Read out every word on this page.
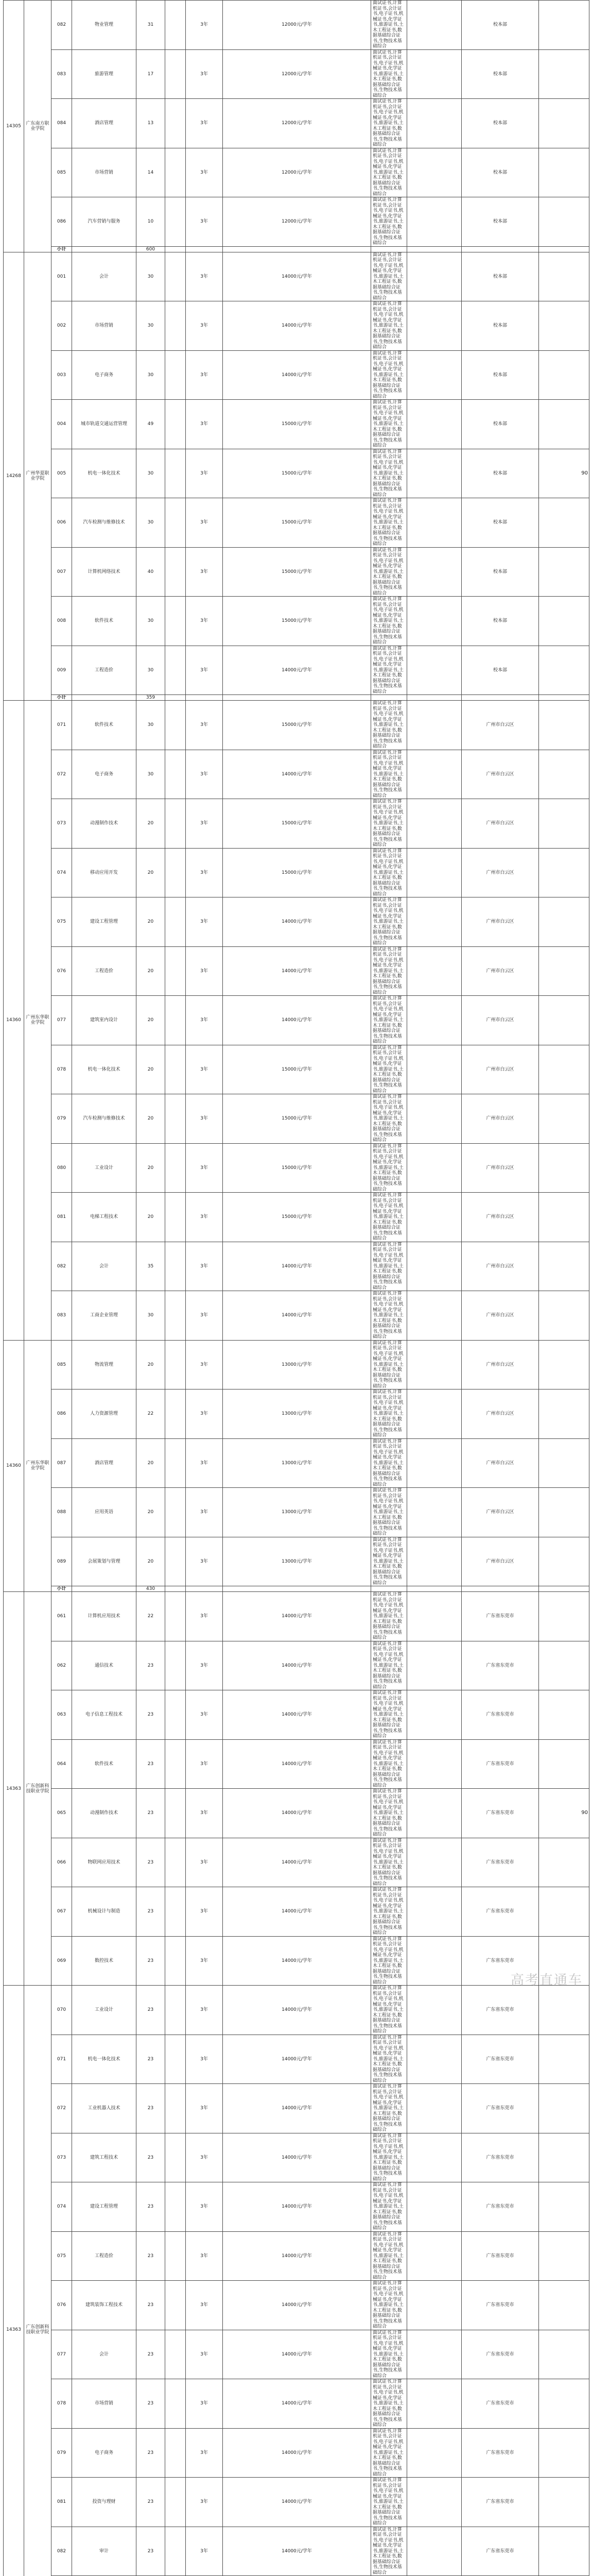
14305	广东南方职业学院	082	物业管理	31		3年	12000元/学年	面试证书,计算机证书,会计证书,电子证书,机械证书,化学证书,旅游证书,土木工程证书,数据基础综合证书,生物技术基础综合		校本部	
		083	旅游管理	17		3年	12000元/学年	面试证书,计算机证书,会计证书,电子证书,机械证书,化学证书,旅游证书,土木工程证书,数据基础综合证书,生物技术基础综合		校本部	
		084	酒店管理	13		3年	12000元/学年	面试证书,计算机证书,会计证书,电子证书,机械证书,化学证书,旅游证书,土木工程证书,数据基础综合证书,生物技术基础综合		校本部	
		085	市场营销	14		3年	12000元/学年	面试证书,计算机证书,会计证书,电子证书,机械证书,化学证书,旅游证书,土木工程证书,数据基础综合证书,生物技术基础综合		校本部	
		086	汽车营销与服务	10		3年	12000元/学年	面试证书,计算机证书,会计证书,电子证书,机械证书,化学证书,旅游证书,土木工程证书,数据基础综合证书,生物技术基础综合		校本部	
		小计		600							
14268	广州华夏职业学院	001	会计	30		3年	14000元/学年	面试证书,计算机证书,会计证书,电子证书,机械证书,化学证书,旅游证书,土木工程证书,数据基础综合证书,生物技术基础综合		校本部	
		002	市场营销	30		3年	14000元/学年	面试证书,计算机证书,会计证书,电子证书,机械证书,化学证书,旅游证书,土木工程证书,数据基础综合证书,生物技术基础综合		校本部	
		003	电子商务	30		3年	14000元/学年	面试证书,计算机证书,会计证书,电子证书,机械证书,化学证书,旅游证书,土木工程证书,数据基础综合证书,生物技术基础综合		校本部	
		004	城市轨道交通运营管理	49		3年	15000元/学年	面试证书,计算机证书,会计证书,电子证书,机械证书,化学证书,旅游证书,土木工程证书,数据基础综合证书,生物技术基础综合		校本部	
		005	机电一体化技术	30		3年	15000元/学年	面试证书,计算机证书,会计证书,电子证书,机械证书,化学证书,旅游证书,土木工程证书,数据基础综合证书,生物技术基础综合		校本部	90
		006	汽车检测与维修技术	30		3年	15000元/学年	面试证书,计算机证书,会计证书,电子证书,机械证书,化学证书,旅游证书,土木工程证书,数据基础综合证书,生物技术基础综合		校本部	
		007	计算机网络技术	40		3年	15000元/学年	面试证书,计算机证书,会计证书,电子证书,机械证书,化学证书,旅游证书,土木工程证书,数据基础综合证书,生物技术基础综合		校本部	
		008	软件技术	30		3年	15000元/学年	面试证书,计算机证书,会计证书,电子证书,机械证书,化学证书,旅游证书,土木工程证书,数据基础综合证书,生物技术基础综合		校本部	
		009	工程造价	30		3年	14000元/学年	面试证书,计算机证书,会计证书,电子证书,机械证书,化学证书,旅游证书,土木工程证书,数据基础综合证书,生物技术基础综合		校本部	
		小计		359							
14360	广州东华职业学院	071	软件技术	30		3年	15000元/学年	面试证书,计算机证书,会计证书,电子证书,机械证书,化学证书,旅游证书,土木工程证书,数据基础综合证书,生物技术基础综合		广州市白云区	
		072	电子商务	30		3年	14000元/学年	面试证书,计算机证书,会计证书,电子证书,机械证书,化学证书,旅游证书,土木工程证书,数据基础综合证书,生物技术基础综合		广州市白云区	
		073	动漫制作技术	20		3年	15000元/学年	面试证书,计算机证书,会计证书,电子证书,机械证书,化学证书,旅游证书,土木工程证书,数据基础综合证书,生物技术基础综合		广州市白云区	
		074	移动应用开发	20		3年	15000元/学年	面试证书,计算机证书,会计证书,电子证书,机械证书,化学证书,旅游证书,土木工程证书,数据基础综合证书,生物技术基础综合		广州市白云区	
		075	建设工程管理	20		3年	14000元/学年	面试证书,计算机证书,会计证书,电子证书,机械证书,化学证书,旅游证书,土木工程证书,数据基础综合证书,生物技术基础综合		广州市白云区	
		076	工程造价	20		3年	14000元/学年	面试证书,计算机证书,会计证书,电子证书,机械证书,化学证书,旅游证书,土木工程证书,数据基础综合证书,生物技术基础综合		广州市白云区	
		077	建筑室内设计	20		3年	14000元/学年	面试证书,计算机证书,会计证书,电子证书,机械证书,化学证书,旅游证书,土木工程证书,数据基础综合证书,生物技术基础综合		广州市白云区	
		078	机电一体化技术	20		3年	15000元/学年	面试证书,计算机证书,会计证书,电子证书,机械证书,化学证书,旅游证书,土木工程证书,数据基础综合证书,生物技术基础综合		广州市白云区	
		079	汽车检测与维修技术	20		3年	15000元/学年	面试证书,计算机证书,会计证书,电子证书,机械证书,化学证书,旅游证书,土木工程证书,数据基础综合证书,生物技术基础综合		广州市白云区	
		080	工业设计	20		3年	15000元/学年	面试证书,计算机证书,会计证书,电子证书,机械证书,化学证书,旅游证书,土木工程证书,数据基础综合证书,生物技术基础综合		广州市白云区	
		081	电梯工程技术	20		3年	15000元/学年	面试证书,计算机证书,会计证书,电子证书,机械证书,化学证书,旅游证书,土木工程证书,数据基础综合证书,生物技术基础综合		广州市白云区	
		082	会计	35		3年	14000元/学年	面试证书,计算机证书,会计证书,电子证书,机械证书,化学证书,旅游证书,土木工程证书,数据基础综合证书,生物技术基础综合		广州市白云区	
		083	工商企业管理	30		3年	14000元/学年	面试证书,计算机证书,会计证书,电子证书,机械证书,化学证书,旅游证书,土木工程证书,数据基础综合证书,生物技术基础综合		广州市白云区	
14360	广州东华职业学院	085	物流管理	20		3年	13000元/学年	面试证书,计算机证书,会计证书,电子证书,机械证书,化学证书,旅游证书,土木工程证书,数据基础综合证书,生物技术基础综合		广州市白云区	
		086	人力资源管理	22		3年	13000元/学年	面试证书,计算机证书,会计证书,电子证书,机械证书,化学证书,旅游证书,土木工程证书,数据基础综合证书,生物技术基础综合		广州市白云区	
		087	酒店管理	20		3年	13000元/学年	面试证书,计算机证书,会计证书,电子证书,机械证书,化学证书,旅游证书,土木工程证书,数据基础综合证书,生物技术基础综合		广州市白云区	
		088	应用英语	20		3年	13000元/学年	面试证书,计算机证书,会计证书,电子证书,机械证书,化学证书,旅游证书,土木工程证书,数据基础综合证书,生物技术基础综合		广州市白云区	
		089	会展策划与管理	20		3年	13000元/学年	面试证书,计算机证书,会计证书,电子证书,机械证书,化学证书,旅游证书,土木工程证书,数据基础综合证书,生物技术基础综合		广州市白云区	
		小计		430							
14363	广东创新科技职业学院	061	计算机应用技术	22		3年	14000元/学年	面试证书,计算机证书,会计证书,电子证书,机械证书,化学证书,旅游证书,土木工程证书,数据基础综合证书,生物技术基础综合		广东省东莞市	
		062	通信技术	23		3年	14000元/学年	面试证书,计算机证书,会计证书,电子证书,机械证书,化学证书,旅游证书,土木工程证书,数据基础综合证书,生物技术基础综合		广东省东莞市	
		063	电子信息工程技术	23		3年	14000元/学年	面试证书,计算机证书,会计证书,电子证书,机械证书,化学证书,旅游证书,土木工程证书,数据基础综合证书,生物技术基础综合		广东省东莞市	
		064	软件技术	23		3年	14000元/学年	面试证书,计算机证书,会计证书,电子证书,机械证书,化学证书,旅游证书,土木工程证书,数据基础综合证书,生物技术基础综合		广东省东莞市	
		065	动漫制作技术	23		3年	14000元/学年	面试证书,计算机证书,会计证书,电子证书,机械证书,化学证书,旅游证书,土木工程证书,数据基础综合证书,生物技术基础综合		广东省东莞市	90
		066	物联网应用技术	23		3年	14000元/学年	面试证书,计算机证书,会计证书,电子证书,机械证书,化学证书,旅游证书,土木工程证书,数据基础综合证书,生物技术基础综合		广东省东莞市	
		067	机械设计与制造	23		3年	14000元/学年	面试证书,计算机证书,会计证书,电子证书,机械证书,化学证书,旅游证书,土木工程证书,数据基础综合证书,生物技术基础综合		广东省东莞市	
		069	数控技术	23		3年	14000元/学年	面试证书,计算机证书,会计证书,电子证书,机械证书,化学证书,旅游证书,土木工程证书,数据基础综合证书,生物技术基础综合		广东省东莞市	
14363	广东创新科技职业学院	070	工业设计	23		3年	14000元/学年	面试证书,计算机证书,会计证书,电子证书,机械证书,化学证书,旅游证书,土木工程证书,数据基础综合证书,生物技术基础综合		广东省东莞市	
		071	机电一体化技术	23		3年	14000元/学年	面试证书,计算机证书,会计证书,电子证书,机械证书,化学证书,旅游证书,土木工程证书,数据基础综合证书,生物技术基础综合		广东省东莞市	
		072	工业机器人技术	23		3年	14000元/学年	面试证书,计算机证书,会计证书,电子证书,机械证书,化学证书,旅游证书,土木工程证书,数据基础综合证书,生物技术基础综合		广东省东莞市	
		073	建筑工程技术	23		3年	14000元/学年	面试证书,计算机证书,会计证书,电子证书,机械证书,化学证书,旅游证书,土木工程证书,数据基础综合证书,生物技术基础综合		广东省东莞市	
		074	建设工程管理	23		3年	14000元/学年	面试证书,计算机证书,会计证书,电子证书,机械证书,化学证书,旅游证书,土木工程证书,数据基础综合证书,生物技术基础综合		广东省东莞市	
		075	工程造价	23		3年	14000元/学年	面试证书,计算机证书,会计证书,电子证书,机械证书,化学证书,旅游证书,土木工程证书,数据基础综合证书,生物技术基础综合		广东省东莞市	
		076	建筑装饰工程技术	23		3年	14000元/学年	面试证书,计算机证书,会计证书,电子证书,机械证书,化学证书,旅游证书,土木工程证书,数据基础综合证书,生物技术基础综合		广东省东莞市	
		077	会计	23		3年	14000元/学年	面试证书,计算机证书,会计证书,电子证书,机械证书,化学证书,旅游证书,土木工程证书,数据基础综合证书,生物技术基础综合		广东省东莞市	
		078	市场营销	23		3年	14000元/学年	面试证书,计算机证书,会计证书,电子证书,机械证书,化学证书,旅游证书,土木工程证书,数据基础综合证书,生物技术基础综合		广东省东莞市	
		079	电子商务	23		3年	14000元/学年	面试证书,计算机证书,会计证书,电子证书,机械证书,化学证书,旅游证书,土木工程证书,数据基础综合证书,生物技术基础综合		广东省东莞市	
		081	投资与理财	23		3年	14000元/学年	面试证书,计算机证书,会计证书,电子证书,机械证书,化学证书,旅游证书,土木工程证书,数据基础综合证书,生物技术基础综合		广东省东莞市	
		082	审计	23		3年	14000元/学年	面试证书,计算机证书,会计证书,电子证书,机械证书,化学证书,旅游证书,土木工程证书,数据基础综合证书,生物技术基础综合		广东省东莞市	

高考直通车
